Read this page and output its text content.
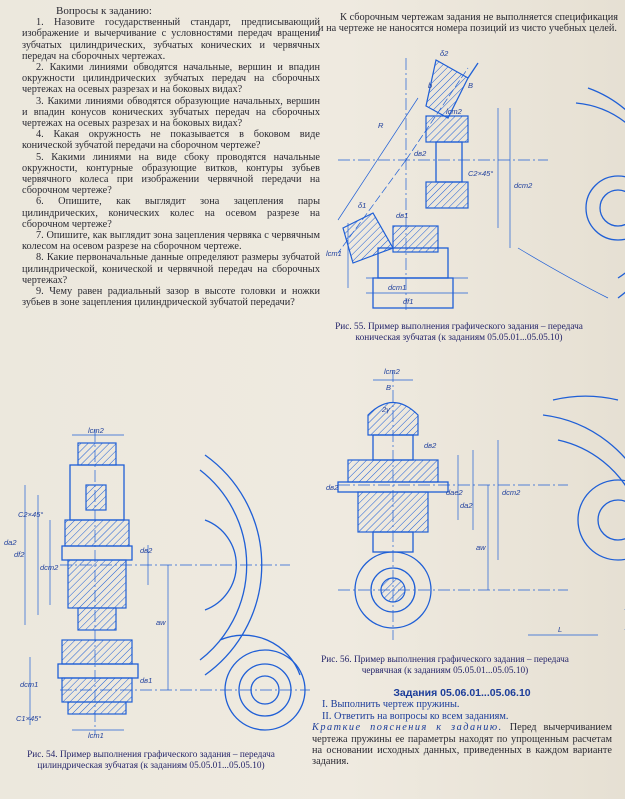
Вопросы к заданию:

1. Назовите государственный стандарт, предписывающий изображение и вычерчивание с условностями передач вращения зубчатых цилиндрических, зубчатых конических и червячных передач на сборочных чертежах.

2. Какими линиями обводятся начальные, вершин и впадин окружности цилиндрических зубчатых передач на сборочных чертежах на осевых разрезах и на боковых видах?

3. Какими линиями обводятся образующие начальных, вершин и впадин конусов конических зубчатых передач на сборочных чертежах на осевых разрезах и на боковых видах?

4. Какая окружность не показывается в боковом виде конической зубчатой передачи на сборочном чертеже?

5. Какими линиями на виде сбоку проводятся начальные окружности, контурные образующие витков, контуры зубьев червячного колеса при изображении червячной передачи на сборочном чертеже?

6. Опишите, как выглядит зона зацепления пары цилиндрических, конических колес на осевом разрезе на сборочном чертеже?

7. Опишите, как выглядит зона зацепления червяка с червячным колесом на осевом разрезе на сборочном чертеже.

8. Какие первоначальные данные определяют размеры зубчатой цилиндрической, конической и червячной передач на сборочных чертежах?

9. Чему равен радиальный зазор в высоте головки и ножки зубьев в зоне зацепления цилиндрической зубчатой передачи?

К сборочным чертежам задания не выполняется спецификация и на чертеже не наносятся номера позиций из чисто учебных целей.
δ2
B
R
b
lст2
dв2
C2×45°
dст2
dв1
δ1
dст1
df1
lст1
Рис. 55. Пример выполнения графического задания – передача коническая зубчатая (к заданиям 05.05.01...05.05.10)
lст2
da2
df2
dст2
dв2
C2×45°
aw
dст1	dв1
C1×45°
lст1
Рис. 54. Пример выполнения графического задания – передача цилиндрическая зубчатая (к заданиям 05.05.01...05.05.10)
lст2
B
2γ
dв2
dв2
dae2
da2
dст2
aw
L
Рис. 56. Пример выполнения графического задания – передача червячная (к заданиям 05.05.01...05.05.10)
Задания 05.06.01...05.06.10
I. Выполнить чертеж пружины.
II. Ответить на вопросы ко всем заданиям.
Краткие пояснения к заданию. Перед вычерчиванием чертежа пружины ее параметры находят по упрощенным расчетам на основании исходных данных, приведенных в каждом варианте задания.
